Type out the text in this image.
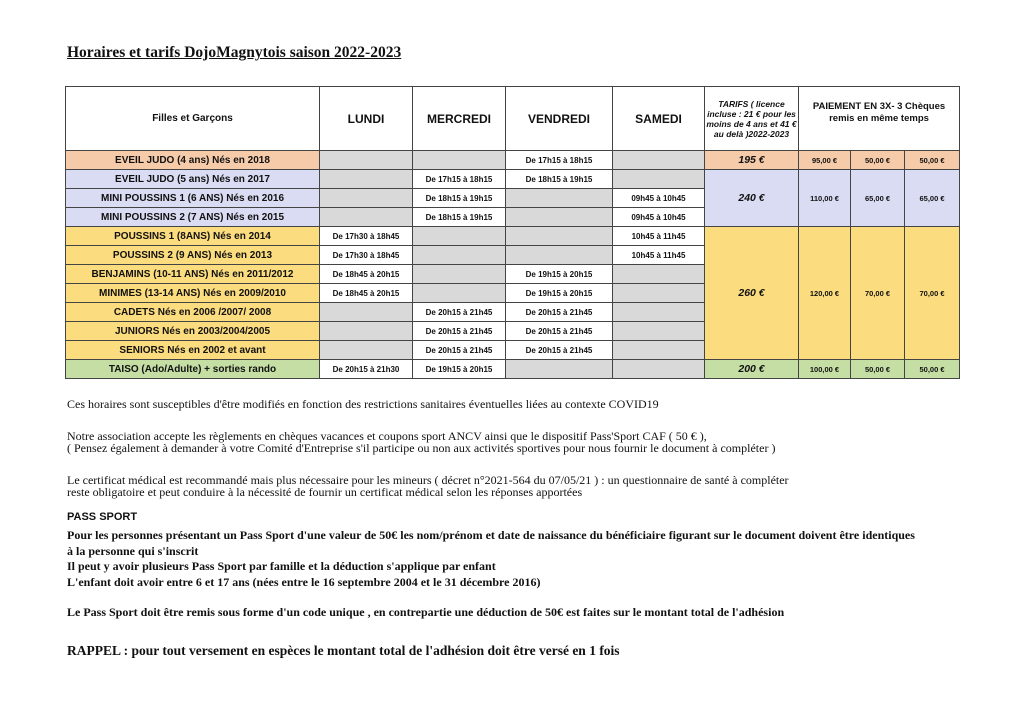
Horaires et tarifs DojoMagnytois saison 2022-2023
Filles et Garçons	LUNDI	MERCREDI	VENDREDI	SAMEDI	TARIFS ( licence incluse : 21 € pour les moins de 4 ans et 41 € au delà )2022-2023	PAIEMENT EN 3X- 3 Chèques remis en même temps		
EVEIL JUDO (4 ans) Nés en 2018			De 17h15 à 18h15		195 €	95,00 €	50,00 €	50,00 €
EVEIL JUDO (5 ans) Nés en 2017		De 17h15 à 18h15	De 18h15 à 19h15		240 €	110,00 €	65,00 €	65,00 €
MINI POUSSINS 1 (6 ANS) Nés en 2016		De 18h15 à 19h15		09h45 à 10h45				
MINI POUSSINS 2 (7 ANS) Nés en 2015		De 18h15 à 19h15		09h45 à 10h45				
POUSSINS 1 (8ANS) Nés en 2014	De 17h30 à 18h45			10h45 à 11h45	260 €	120,00 €	70,00 €	70,00 €
POUSSINS 2 (9 ANS) Nés en 2013	De 17h30 à 18h45			10h45 à 11h45				
BENJAMINS (10-11 ANS) Nés en 2011/2012	De 18h45 à 20h15		De 19h15 à 20h15					
MINIMES (13-14 ANS) Nés en 2009/2010	De 18h45 à 20h15		De 19h15 à 20h15					
CADETS Nés en 2006 /2007/ 2008		De 20h15 à 21h45	De 20h15 à 21h45					
JUNIORS Nés en 2003/2004/2005		De 20h15 à 21h45	De 20h15 à 21h45					
SENIORS Nés en 2002 et avant		De 20h15 à 21h45	De 20h15 à 21h45					
TAISO (Ado/Adulte) + sorties rando	De 20h15 à 21h30	De 19h15 à 20h15			200 €	100,00 €	50,00 €	50,00 €
Ces horaires sont susceptibles d'être modifiés en fonction des restrictions sanitaires éventuelles liées au contexte COVID19
Notre association accepte les règlements en chèques vacances et coupons sport ANCV ainsi que le dispositif Pass'Sport CAF ( 50 € ),
( Pensez également à demander à votre Comité d'Entreprise s'il participe ou non aux activités sportives pour nous fournir le document à compléter )
Le certificat médical est recommandé mais plus nécessaire pour les mineurs ( décret n°2021-564 du 07/05/21 ) : un questionnaire de santé à compléter
reste obligatoire et peut conduire à la nécessité de fournir un certificat médical selon les réponses apportées
PASS SPORT
Pour les personnes présentant un Pass Sport d'une valeur de 50€ les nom/prénom et date de naissance du bénéficiaire figurant sur le document doivent être identiques
à la personne qui s'inscrit
Il peut y avoir plusieurs Pass Sport par famille et la déduction s'applique par enfant
L'enfant doit avoir entre 6 et 17 ans (nées entre le 16 septembre 2004 et le 31 décembre 2016)
Le Pass Sport doit être remis sous forme d'un code unique , en contrepartie une déduction de 50€ est faites sur le montant total de l'adhésion
RAPPEL : pour tout versement en espèces le montant total de l'adhésion doit être versé en 1 fois
